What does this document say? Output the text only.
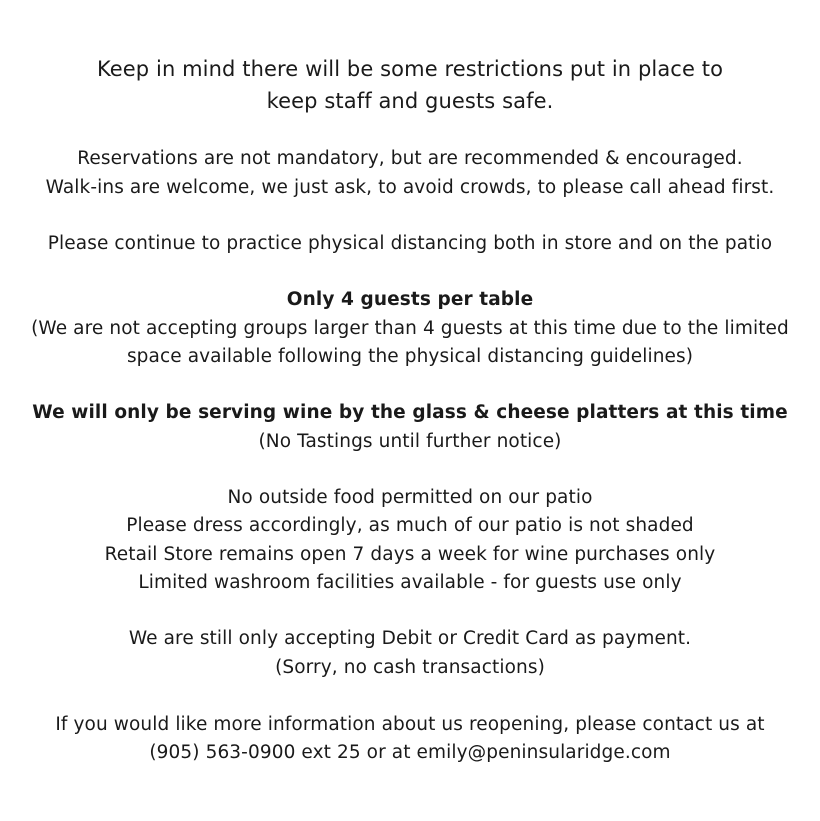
Keep in mind there will be some restrictions put in place to
keep staff and guests safe.
Reservations are not mandatory, but are recommended & encouraged.
Walk-ins are welcome, we just ask, to avoid crowds, to please call ahead first.
Please continue to practice physical distancing both in store and on the patio
Only 4 guests per table
(We are not accepting groups larger than 4 guests at this time due to the limited
space available following the physical distancing guidelines)
We will only be serving wine by the glass & cheese platters at this time
(No Tastings until further notice)
No outside food permitted on our patio
Please dress accordingly, as much of our patio is not shaded
Retail Store remains open 7 days a week for wine purchases only
Limited washroom facilities available - for guests use only
We are still only accepting Debit or Credit Card as payment.
(Sorry, no cash transactions)
If you would like more information about us reopening, please contact us at
(905) 563-0900 ext 25 or at emily@peninsularidge.com
